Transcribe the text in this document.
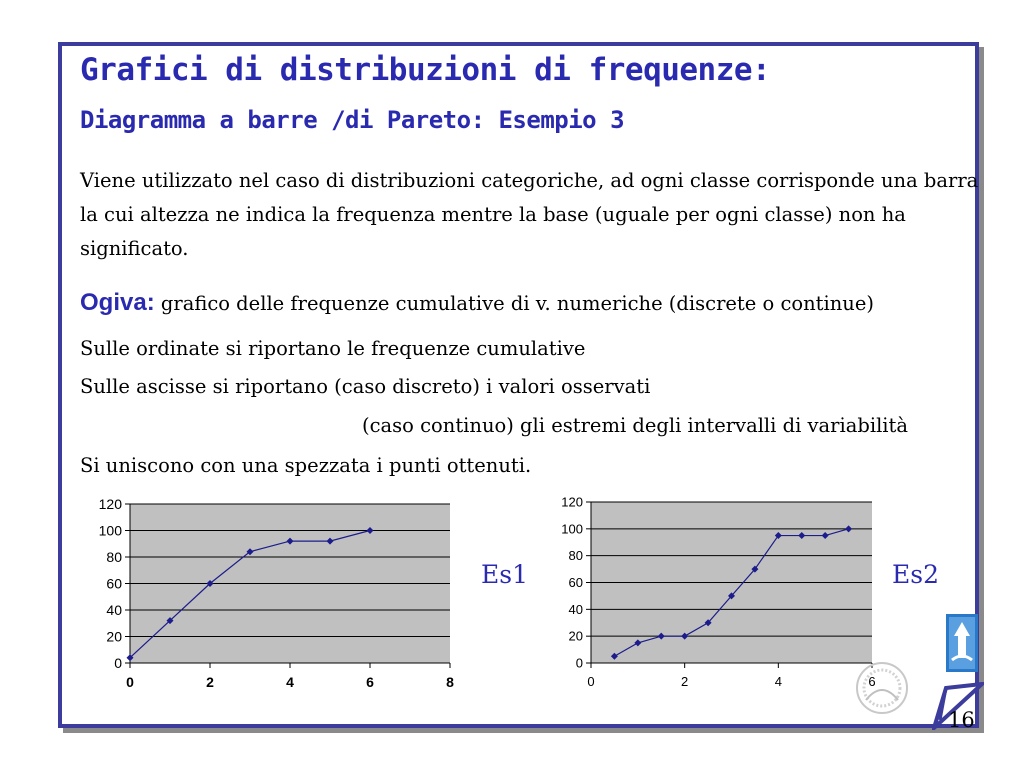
Grafici di distribuzioni di frequenze:
Diagramma a barre /di Pareto: Esempio 3
Viene utilizzato nel caso di distribuzioni categoriche, ad ogni classe corrisponde una barra la cui altezza ne indica la frequenza mentre la base (uguale per ogni classe) non ha significato.
Ogiva: grafico delle frequenze cumulative di v. numeriche (discrete o continue)
Sulle ordinate si riportano le frequenze cumulative
Sulle ascisse si riportano (caso discreto) i valori osservati
(caso continuo) gli estremi degli intervalli di variabilità
Si uniscono con una spezzata i punti ottenuti.
0
20
40
60
80
100
120
0	2	4	6	8
0
20
40
60
80
100
120
0	2	4	6
Es1	Es2
16
